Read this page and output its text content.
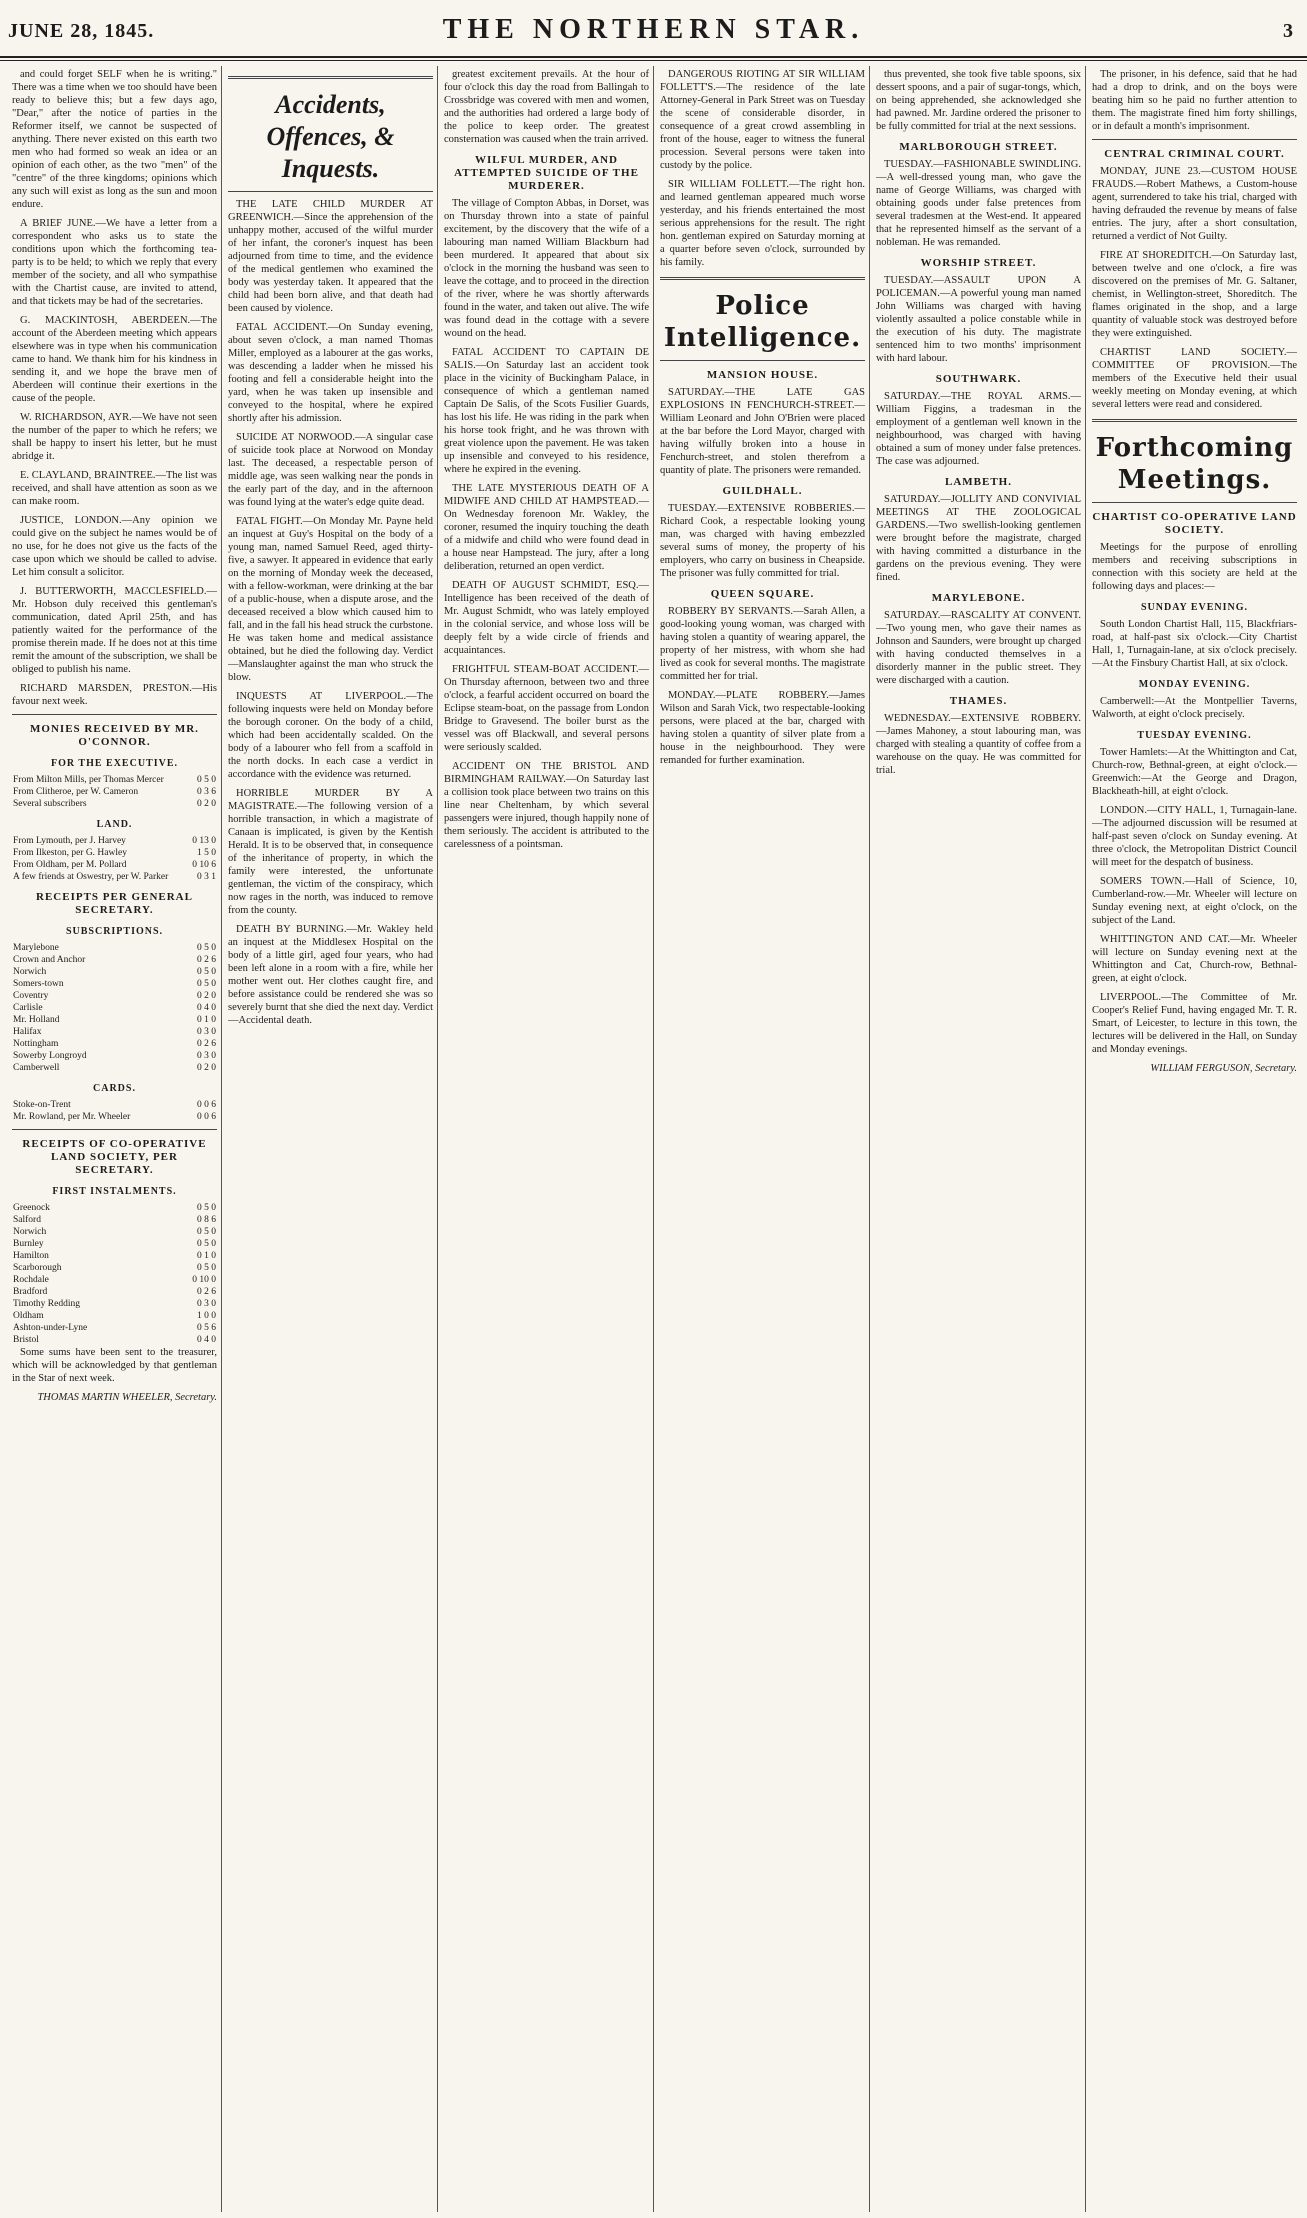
JUNE 28, 1845.	THE NORTHERN STAR.	3

and could forget SELF when he is writing." There was a time when we too should have been ready to believe this; but a few days ago, "Dear," after the notice of parties in the Reformer itself, we cannot be suspected of anything. There never existed on this earth two men who had formed so weak an idea or an opinion of each other, as the two "men" of the "centre" of the three kingdoms; opinions which any such will exist as long as the sun and moon endure.

A BRIEF JUNE.—We have a letter from a correspondent who asks us to state the conditions upon which the forthcoming tea-party is to be held; to which we reply that every member of the society, and all who sympathise with the Chartist cause, are invited to attend, and that tickets may be had of the secretaries.

G. MACKINTOSH, ABERDEEN.—The account of the Aberdeen meeting which appears elsewhere was in type when his communication came to hand. We thank him for his kindness in sending it, and we hope the brave men of Aberdeen will continue their exertions in the cause of the people.

W. RICHARDSON, AYR.—We have not seen the number of the paper to which he refers; we shall be happy to insert his letter, but he must abridge it.

E. CLAYLAND, BRAINTREE.—The list was received, and shall have attention as soon as we can make room.

JUSTICE, LONDON.—Any opinion we could give on the subject he names would be of no use, for he does not give us the facts of the case upon which we should be called to advise. Let him consult a solicitor.

J. BUTTERWORTH, MACCLESFIELD.—Mr. Hobson duly received this gentleman's communication, dated April 25th, and has patiently waited for the performance of the promise therein made. If he does not at this time remit the amount of the subscription, we shall be obliged to publish his name.

RICHARD MARSDEN, PRESTON.—His favour next week.

MONIES RECEIVED BY MR. O'CONNOR.
FOR THE EXECUTIVE.
From Milton Mills, per Thomas Mercer	0 5 0
From Clitheroe, per W. Cameron	0 3 6
Several subscribers	0 2 0
LAND.
From Lymouth, per J. Harvey	0 13 0
From Ilkeston, per G. Hawley	1 5 0
From Oldham, per M. Pollard	0 10 6
A few friends at Oswestry, per W. Parker	0 3 1
RECEIPTS PER GENERAL SECRETARY.
SUBSCRIPTIONS.
Marylebone	0 5 0
Crown and Anchor	0 2 6
Norwich	0 5 0
Somers-town	0 5 0
Coventry	0 2 0
Carlisle	0 4 0
Mr. Holland	0 1 0
Halifax	0 3 0
Nottingham	0 2 6
Sowerby Longroyd	0 3 0
Camberwell	0 2 0
CARDS.
Stoke-on-Trent	0 0 6
Mr. Rowland, per Mr. Wheeler	0 0 6
RECEIPTS OF CO-OPERATIVE LAND SOCIETY, PER SECRETARY.
FIRST INSTALMENTS.
Greenock	0 5 0
Salford	0 8 6
Norwich	0 5 0
Burnley	0 5 0
Hamilton	0 1 0
Scarborough	0 5 0
Rochdale	0 10 0
Bradford	0 2 6
Timothy Redding	0 3 0
Oldham	1 0 0
Ashton-under-Lyne	0 5 6
Bristol	0 4 0

Some sums have been sent to the treasurer, which will be acknowledged by that gentleman in the Star of next week.

THOMAS MARTIN WHEELER, Secretary.
Accidents, Offences, & Inquests.

THE LATE CHILD MURDER AT GREENWICH.—Since the apprehension of the unhappy mother, accused of the wilful murder of her infant, the coroner's inquest has been adjourned from time to time, and the evidence of the medical gentlemen who examined the body was yesterday taken. It appeared that the child had been born alive, and that death had been caused by violence.

FATAL ACCIDENT.—On Sunday evening, about seven o'clock, a man named Thomas Miller, employed as a labourer at the gas works, was descending a ladder when he missed his footing and fell a considerable height into the yard, when he was taken up insensible and conveyed to the hospital, where he expired shortly after his admission.

SUICIDE AT NORWOOD.—A singular case of suicide took place at Norwood on Monday last. The deceased, a respectable person of middle age, was seen walking near the ponds in the early part of the day, and in the afternoon was found lying at the water's edge quite dead.

FATAL FIGHT.—On Monday Mr. Payne held an inquest at Guy's Hospital on the body of a young man, named Samuel Reed, aged thirty-five, a sawyer. It appeared in evidence that early on the morning of Monday week the deceased, with a fellow-workman, were drinking at the bar of a public-house, when a dispute arose, and the deceased received a blow which caused him to fall, and in the fall his head struck the curbstone. He was taken home and medical assistance obtained, but he died the following day. Verdict—Manslaughter against the man who struck the blow.

INQUESTS AT LIVERPOOL.—The following inquests were held on Monday before the borough coroner. On the body of a child, which had been accidentally scalded. On the body of a labourer who fell from a scaffold in the north docks. In each case a verdict in accordance with the evidence was returned.

HORRIBLE MURDER BY A MAGISTRATE.—The following version of a horrible transaction, in which a magistrate of Canaan is implicated, is given by the Kentish Herald. It is to be observed that, in consequence of the inheritance of property, in which the family were interested, the unfortunate gentleman, the victim of the conspiracy, which now rages in the north, was induced to remove from the county.

DEATH BY BURNING.—Mr. Wakley held an inquest at the Middlesex Hospital on the body of a little girl, aged four years, who had been left alone in a room with a fire, while her mother went out. Her clothes caught fire, and before assistance could be rendered she was so severely burnt that she died the next day. Verdict—Accidental death.

greatest excitement prevails. At the hour of four o'clock this day the road from Ballingah to Crossbridge was covered with men and women, and the authorities had ordered a large body of the police to keep order. The greatest consternation was caused when the train arrived.

WILFUL MURDER, AND ATTEMPTED SUICIDE OF THE MURDERER.

The village of Compton Abbas, in Dorset, was on Thursday thrown into a state of painful excitement, by the discovery that the wife of a labouring man named William Blackburn had been murdered. It appeared that about six o'clock in the morning the husband was seen to leave the cottage, and to proceed in the direction of the river, where he was shortly afterwards found in the water, and taken out alive. The wife was found dead in the cottage with a severe wound on the head.

FATAL ACCIDENT TO CAPTAIN DE SALIS.—On Saturday last an accident took place in the vicinity of Buckingham Palace, in consequence of which a gentleman named Captain De Salis, of the Scots Fusilier Guards, has lost his life. He was riding in the park when his horse took fright, and he was thrown with great violence upon the pavement. He was taken up insensible and conveyed to his residence, where he expired in the evening.

THE LATE MYSTERIOUS DEATH OF A MIDWIFE AND CHILD AT HAMPSTEAD.—On Wednesday forenoon Mr. Wakley, the coroner, resumed the inquiry touching the death of a midwife and child who were found dead in a house near Hampstead. The jury, after a long deliberation, returned an open verdict.

DEATH OF AUGUST SCHMIDT, ESQ.—Intelligence has been received of the death of Mr. August Schmidt, who was lately employed in the colonial service, and whose loss will be deeply felt by a wide circle of friends and acquaintances.

FRIGHTFUL STEAM-BOAT ACCIDENT.—On Thursday afternoon, between two and three o'clock, a fearful accident occurred on board the Eclipse steam-boat, on the passage from London Bridge to Gravesend. The boiler burst as the vessel was off Blackwall, and several persons were seriously scalded.

ACCIDENT ON THE BRISTOL AND BIRMINGHAM RAILWAY.—On Saturday last a collision took place between two trains on this line near Cheltenham, by which several passengers were injured, though happily none of them seriously. The accident is attributed to the carelessness of a pointsman.

DANGEROUS RIOTING AT SIR WILLIAM FOLLETT'S.—The residence of the late Attorney-General in Park Street was on Tuesday the scene of considerable disorder, in consequence of a great crowd assembling in front of the house, eager to witness the funeral procession. Several persons were taken into custody by the police.

SIR WILLIAM FOLLETT.—The right hon. and learned gentleman appeared much worse yesterday, and his friends entertained the most serious apprehensions for the result. The right hon. gentleman expired on Saturday morning at a quarter before seven o'clock, surrounded by his family.

Police Intelligence.
MANSION HOUSE.

SATURDAY.—THE LATE GAS EXPLOSIONS IN FENCHURCH-STREET.—William Leonard and John O'Brien were placed at the bar before the Lord Mayor, charged with having wilfully broken into a house in Fenchurch-street, and stolen therefrom a quantity of plate. The prisoners were remanded.

GUILDHALL.

TUESDAY.—EXTENSIVE ROBBERIES.—Richard Cook, a respectable looking young man, was charged with having embezzled several sums of money, the property of his employers, who carry on business in Cheapside. The prisoner was fully committed for trial.

QUEEN SQUARE.

ROBBERY BY SERVANTS.—Sarah Allen, a good-looking young woman, was charged with having stolen a quantity of wearing apparel, the property of her mistress, with whom she had lived as cook for several months. The magistrate committed her for trial.

MONDAY.—PLATE ROBBERY.—James Wilson and Sarah Vick, two respectable-looking persons, were placed at the bar, charged with having stolen a quantity of silver plate from a house in the neighbourhood. They were remanded for further examination.

thus prevented, she took five table spoons, six dessert spoons, and a pair of sugar-tongs, which, on being apprehended, she acknowledged she had pawned. Mr. Jardine ordered the prisoner to be fully committed for trial at the next sessions.

MARLBOROUGH STREET.

TUESDAY.—FASHIONABLE SWINDLING.—A well-dressed young man, who gave the name of George Williams, was charged with obtaining goods under false pretences from several tradesmen at the West-end. It appeared that he represented himself as the servant of a nobleman. He was remanded.

WORSHIP STREET.

TUESDAY.—ASSAULT UPON A POLICEMAN.—A powerful young man named John Williams was charged with having violently assaulted a police constable while in the execution of his duty. The magistrate sentenced him to two months' imprisonment with hard labour.

SOUTHWARK.

SATURDAY.—THE ROYAL ARMS.—William Figgins, a tradesman in the employment of a gentleman well known in the neighbourhood, was charged with having obtained a sum of money under false pretences. The case was adjourned.

LAMBETH.

SATURDAY.—JOLLITY AND CONVIVIAL MEETINGS AT THE ZOOLOGICAL GARDENS.—Two swellish-looking gentlemen were brought before the magistrate, charged with having committed a disturbance in the gardens on the previous evening. They were fined.

MARYLEBONE.

SATURDAY.—RASCALITY AT CONVENT.—Two young men, who gave their names as Johnson and Saunders, were brought up charged with having conducted themselves in a disorderly manner in the public street. They were discharged with a caution.

THAMES.

WEDNESDAY.—EXTENSIVE ROBBERY.—James Mahoney, a stout labouring man, was charged with stealing a quantity of coffee from a warehouse on the quay. He was committed for trial.

The prisoner, in his defence, said that he had had a drop to drink, and on the boys were beating him so he paid no further attention to them. The magistrate fined him forty shillings, or in default a month's imprisonment.

CENTRAL CRIMINAL COURT.

MONDAY, JUNE 23.—CUSTOM HOUSE FRAUDS.—Robert Mathews, a Custom-house agent, surrendered to take his trial, charged with having defrauded the revenue by means of false entries. The jury, after a short consultation, returned a verdict of Not Guilty.

FIRE AT SHOREDITCH.—On Saturday last, between twelve and one o'clock, a fire was discovered on the premises of Mr. G. Saltaner, chemist, in Wellington-street, Shoreditch. The flames originated in the shop, and a large quantity of valuable stock was destroyed before they were extinguished.

CHARTIST LAND SOCIETY.—COMMITTEE OF PROVISION.—The members of the Executive held their usual weekly meeting on Monday evening, at which several letters were read and considered.

Forthcoming Meetings.
CHARTIST CO-OPERATIVE LAND SOCIETY.

Meetings for the purpose of enrolling members and receiving subscriptions in connection with this society are held at the following days and places:—

SUNDAY EVENING.

South London Chartist Hall, 115, Blackfriars-road, at half-past six o'clock.—City Chartist Hall, 1, Turnagain-lane, at six o'clock precisely.—At the Finsbury Chartist Hall, at six o'clock.

MONDAY EVENING.

Camberwell:—At the Montpellier Taverns, Walworth, at eight o'clock precisely.

TUESDAY EVENING.

Tower Hamlets:—At the Whittington and Cat, Church-row, Bethnal-green, at eight o'clock.—Greenwich:—At the George and Dragon, Blackheath-hill, at eight o'clock.

LONDON.—CITY HALL, 1, Turnagain-lane.—The adjourned discussion will be resumed at half-past seven o'clock on Sunday evening. At three o'clock, the Metropolitan District Council will meet for the despatch of business.

SOMERS TOWN.—Hall of Science, 10, Cumberland-row.—Mr. Wheeler will lecture on Sunday evening next, at eight o'clock, on the subject of the Land.

WHITTINGTON AND CAT.—Mr. Wheeler will lecture on Sunday evening next at the Whittington and Cat, Church-row, Bethnal-green, at eight o'clock.

LIVERPOOL.—The Committee of Mr. Cooper's Relief Fund, having engaged Mr. T. R. Smart, of Leicester, to lecture in this town, the lectures will be delivered in the Hall, on Sunday and Monday evenings.

WILLIAM FERGUSON, Secretary.
